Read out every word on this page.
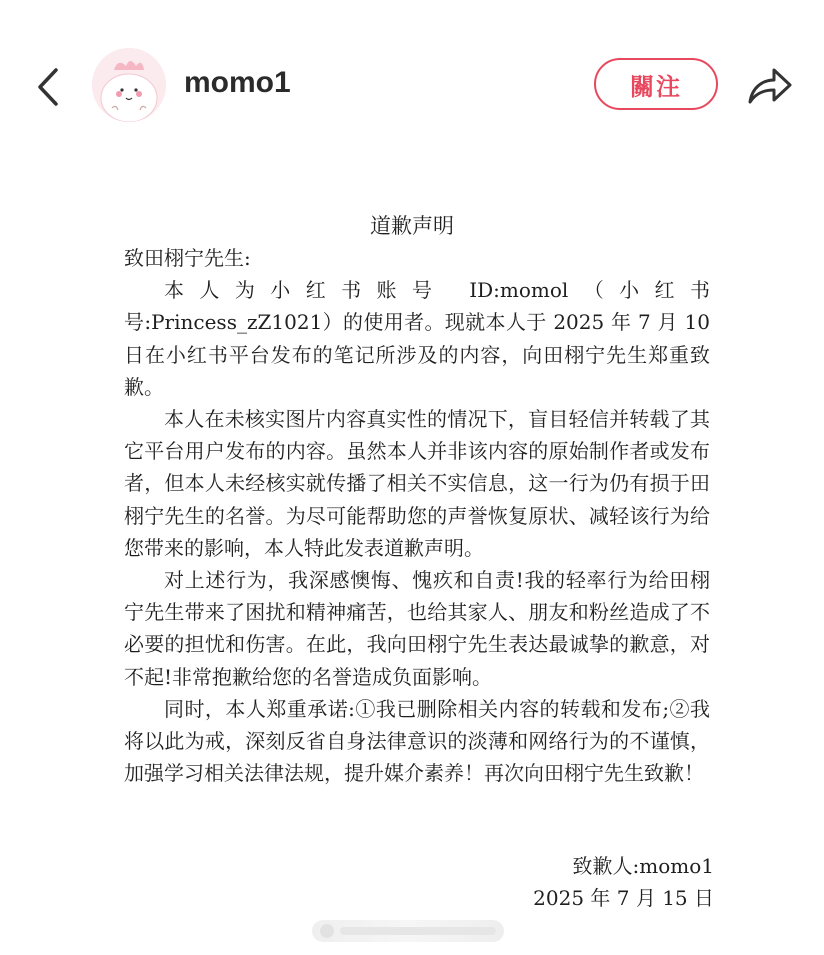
momo1	關注
道歉声明

致田栩宁先生:

本人为小红书账号 ID:momol（小红书号:Princess_zZ1021）的使用者。现就本人于 2025 年 7 月 10 日在小红书平台发布的笔记所涉及的内容，向田栩宁先生郑重致歉。

本人在未核实图片内容真实性的情况下，盲目轻信并转载了其它平台用户发布的内容。虽然本人并非该内容的原始制作者或发布者，但本人未经核实就传播了相关不实信息，这一行为仍有损于田栩宁先生的名誉。为尽可能帮助您的声誉恢复原状、减轻该行为给您带来的影响，本人特此发表道歉声明。

对上述行为，我深感懊悔、愧疚和自责!我的轻率行为给田栩宁先生带来了困扰和精神痛苦，也给其家人、朋友和粉丝造成了不必要的担忧和伤害。在此，我向田栩宁先生表达最诚挚的歉意，对不起!非常抱歉给您的名誉造成负面影响。

同时，本人郑重承诺:①我已删除相关内容的转载和发布;②我将以此为戒，深刻反省自身法律意识的淡薄和网络行为的不谨慎，加强学习相关法律法规，提升媒介素养！再次向田栩宁先生致歉！

致歉人:momo1
2025 年 7 月 15 日
